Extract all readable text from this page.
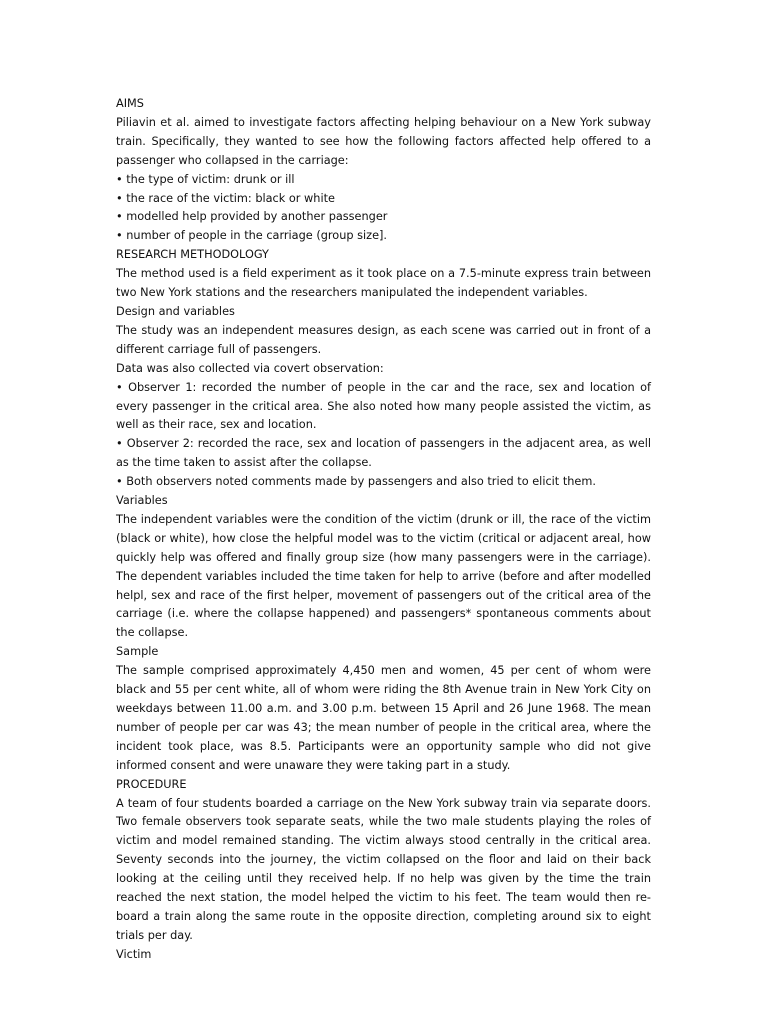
AIMS
Piliavin et al. aimed to investigate factors affecting helping behaviour on a New York subway train. Specifically, they wanted to see how the following factors affected help offered to a passenger who collapsed in the carriage:
• the type of victim: drunk or ill
• the race of the victim: black or white
• modelled help provided by another passenger
• number of people in the carriage (group size].
RESEARCH METHODOLOGY
The method used is a field experiment as it took place on a 7.5-minute express train between two New York stations and the researchers manipulated the independent variables.
Design and variables
The study was an independent measures design, as each scene was carried out in front of a different carriage full of passengers.
Data was also collected via covert observation:
• Observer 1: recorded the number of people in the car and the race, sex and location of every passenger in the critical area. She also noted how many people assisted the victim, as well as their race, sex and location.
• Observer 2: recorded the race, sex and location of passengers in the adjacent area, as well as the time taken to assist after the collapse.
• Both observers noted comments made by passengers and also tried to elicit them.
Variables
The independent variables were the condition of the victim (drunk or ill, the race of the victim (black or white), how close the helpful model was to the victim (critical or adjacent areal, how quickly help was offered and finally group size (how many passengers were in the carriage). The dependent variables included the time taken for help to arrive (before and after modelled helpl, sex and race of the first helper, movement of passengers out of the critical area of the carriage (i.e. where the collapse happened) and passengers* spontaneous comments about the collapse.
Sample
The sample comprised approximately 4,450 men and women, 45 per cent of whom were black and 55 per cent white, all of whom were riding the 8th Avenue train in New York City on weekdays between 11.00 a.m. and 3.00 p.m. between 15 April and 26 June 1968. The mean number of people per car was 43; the mean number of people in the critical area, where the incident took place, was 8.5. Participants were an opportunity sample who did not give informed consent and were unaware they were taking part in a study.
PROCEDURE
A team of four students boarded a carriage on the New York subway train via separate doors. Two female observers took separate seats, while the two male students playing the roles of victim and model remained standing. The victim always stood centrally in the critical area. Seventy seconds into the journey, the victim collapsed on the floor and laid on their back looking at the ceiling until they received help. If no help was given by the time the train reached the next station, the model helped the victim to his feet. The team would then re-board a train along the same route in the opposite direction, completing around six to eight trials per day.
Victim
